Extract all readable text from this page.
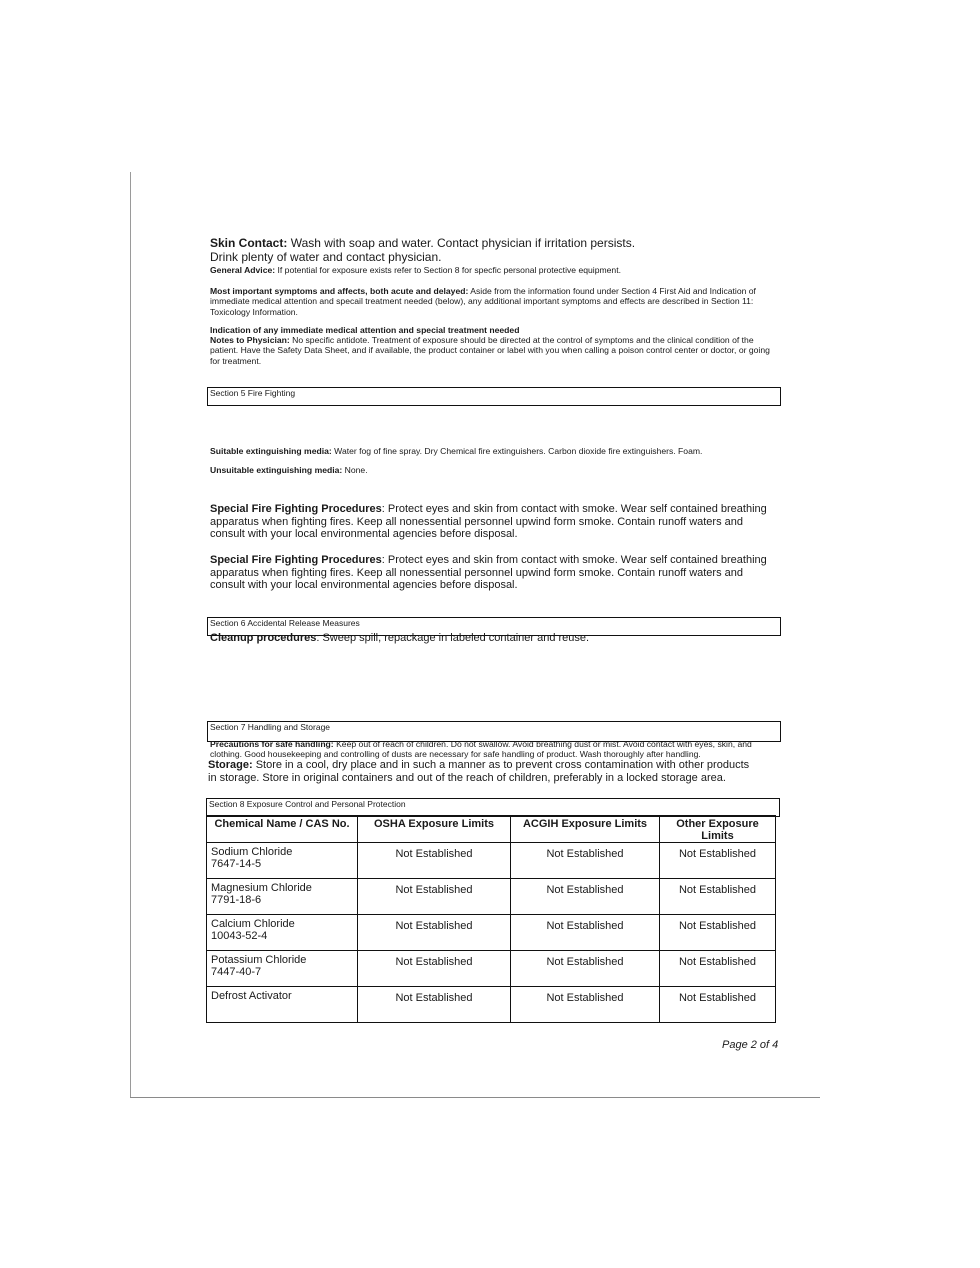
Skin Contact: Wash with soap and water. Contact physician if irritation persists.
Drink plenty of water and contact physician.
General Advice: If potential for exposure exists refer to Section 8 for specfic personal protective equipment.
Most important symptoms and affects, both acute and delayed: Aside from the information found under Section 4 First Aid and Indication of immediate medical attention and specail treatment needed (below), any additional important symptoms and effects are described in Section 11: Toxicology Information.
Indication of any immediate medical attention and special treatment needed
Notes to Physician: No specific antidote. Treatment of exposure should be directed at the control of symptoms and the clinical condition of the patient. Have the Safety Data Sheet, and if available, the product container or label with you when calling a poison control center or doctor, or going for treatment.
Section 5 Fire Fighting
Suitable extinguishing media: Water fog of fine spray. Dry Chemical fire extinguishers. Carbon dioxide fire extinguishers. Foam.
Unsuitable extinguishing media: None.
Special Fire Fighting Procedures: Protect eyes and skin from contact with smoke. Wear self contained breathing apparatus when fighting fires. Keep all nonessential personnel upwind form smoke. Contain runoff waters and consult with your local environmental agencies before disposal.
Special Fire Fighting Procedures: Protect eyes and skin from contact with smoke. Wear self contained breathing apparatus when fighting fires. Keep all nonessential personnel upwind form smoke. Contain runoff waters and consult with your local environmental agencies before disposal.
Section 6 Accidental Release Measures
Cleanup procedures: Sweep spill, repackage in labeled container and reuse.
Section 7 Handling and Storage
Precautions for safe handling: Keep out of reach of children. Do not swallow. Avoid breathing dust or mist. Avoid contact with eyes, skin, and clothing. Good housekeeping and controlling of dusts are necessary for safe handling of product. Wash thoroughly after handling.
Storage: Store in a cool, dry place and in such a manner as to prevent cross contamination with other products in storage. Store in original containers and out of the reach of children, preferably in a locked storage area.
Section 8 Exposure Control and Personal Protection
Chemical Name / CAS No.	OSHA Exposure Limits	ACGIH Exposure Limits	Other Exposure Limits
Sodium Chloride
7647-14-5	Not Established	Not Established	Not Established
Magnesium Chloride
7791-18-6	Not Established	Not Established	Not Established
Calcium Chloride
10043-52-4	Not Established	Not Established	Not Established
Potassium Chloride
7447-40-7	Not Established	Not Established	Not Established
Defrost Activator	Not Established	Not Established	Not Established
Page 2 of 4
